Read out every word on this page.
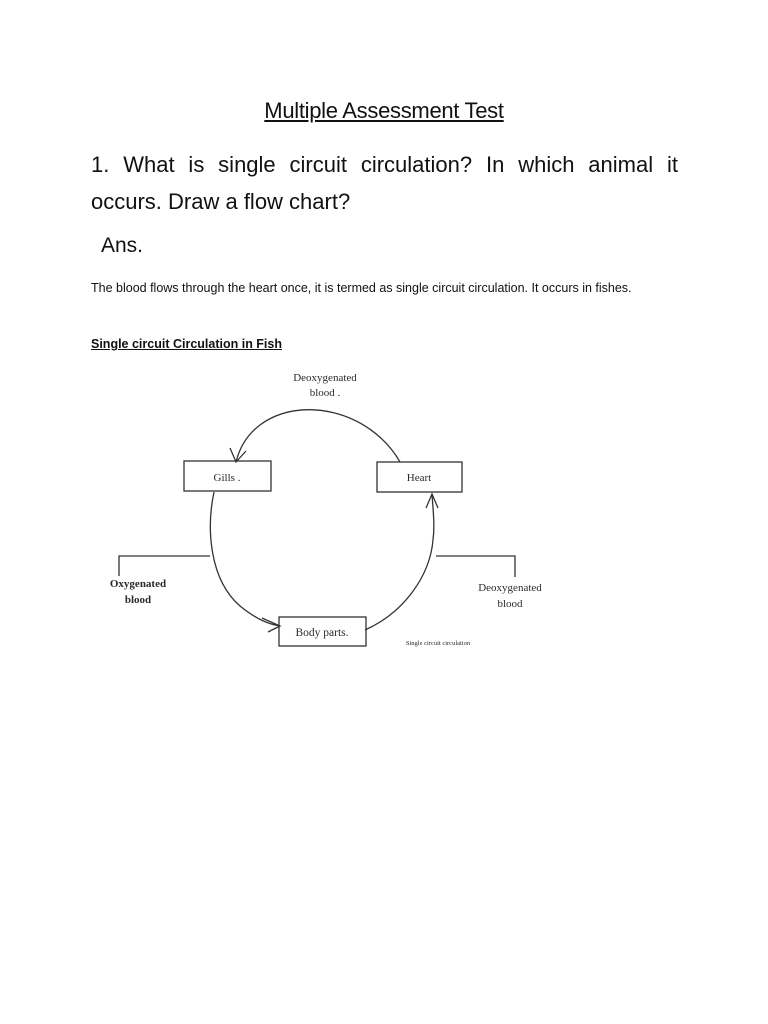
Multiple Assessment Test
1. What is single circuit circulation? In which animal it occurs. Draw a flow chart?
Ans.
The blood flows through the heart once, it is termed as single circuit circulation. It occurs in fishes.
Single circuit Circulation in Fish
Gills .	Heart
Body parts.
Deoxygenated
blood .
Oxygenated
blood
Deoxygenated
blood
Single circuit circulation
